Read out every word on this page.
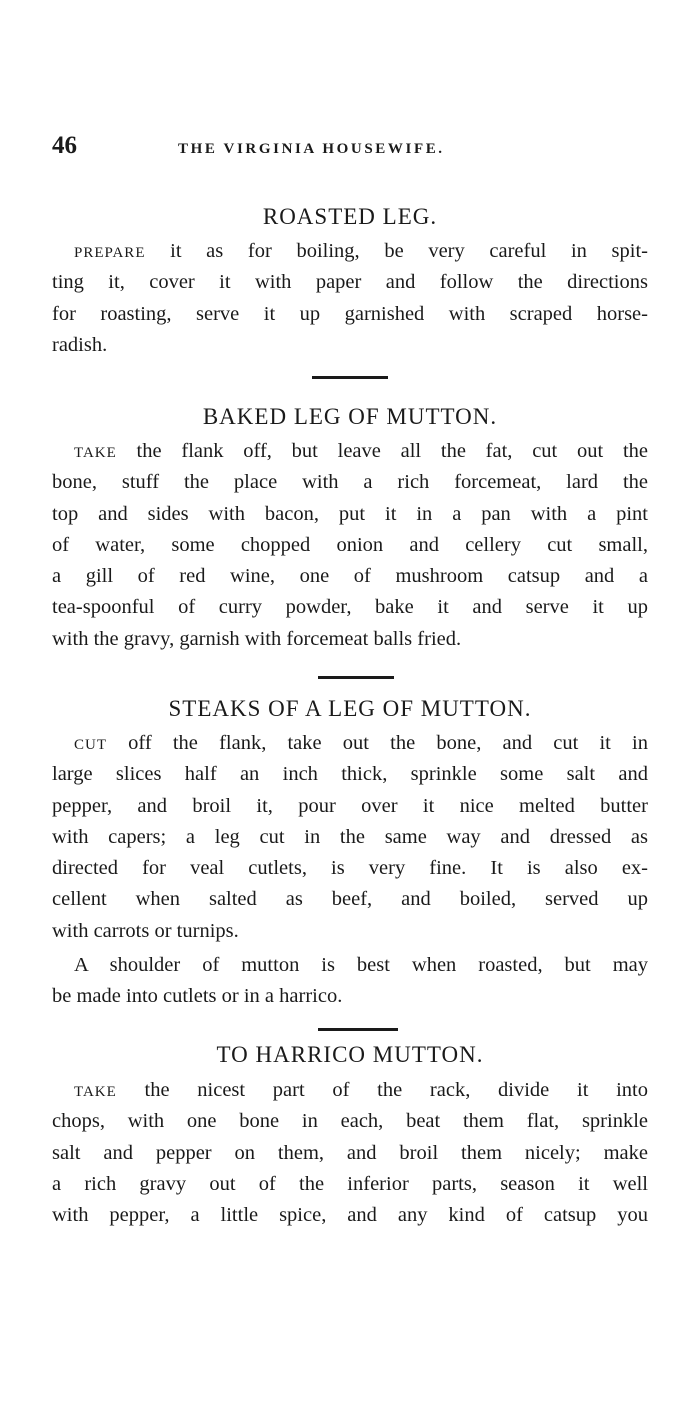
46	THE VIRGINIA HOUSEWIFE.
ROASTED LEG.
PREPARE it as for boiling, be very careful in spit-
ting it, cover it with paper and follow the directions
for roasting, serve it up garnished with scraped horse-
radish.
BAKED LEG OF MUTTON.
TAKE the flank off, but leave all the fat, cut out the
bone, stuff the place with a rich forcemeat, lard the
top and sides with bacon, put it in a pan with a pint
of water, some chopped onion and cellery cut small,
a gill of red wine, one of mushroom catsup and a
tea-spoonful of curry powder, bake it and serve it up
with the gravy, garnish with forcemeat balls fried.
STEAKS OF A LEG OF MUTTON.
CUT off the flank, take out the bone, and cut it in
large slices half an inch thick, sprinkle some salt and
pepper, and broil it, pour over it nice melted butter
with capers; a leg cut in the same way and dressed as
directed for veal cutlets, is very fine. It is also ex-
cellent when salted as beef, and boiled, served up
with carrots or turnips.
A shoulder of mutton is best when roasted, but may
be made into cutlets or in a harrico.
TO HARRICO MUTTON.
TAKE the nicest part of the rack, divide it into
chops, with one bone in each, beat them flat, sprinkle
salt and pepper on them, and broil them nicely; make
a rich gravy out of the inferior parts, season it well
with pepper, a little spice, and any kind of catsup you
